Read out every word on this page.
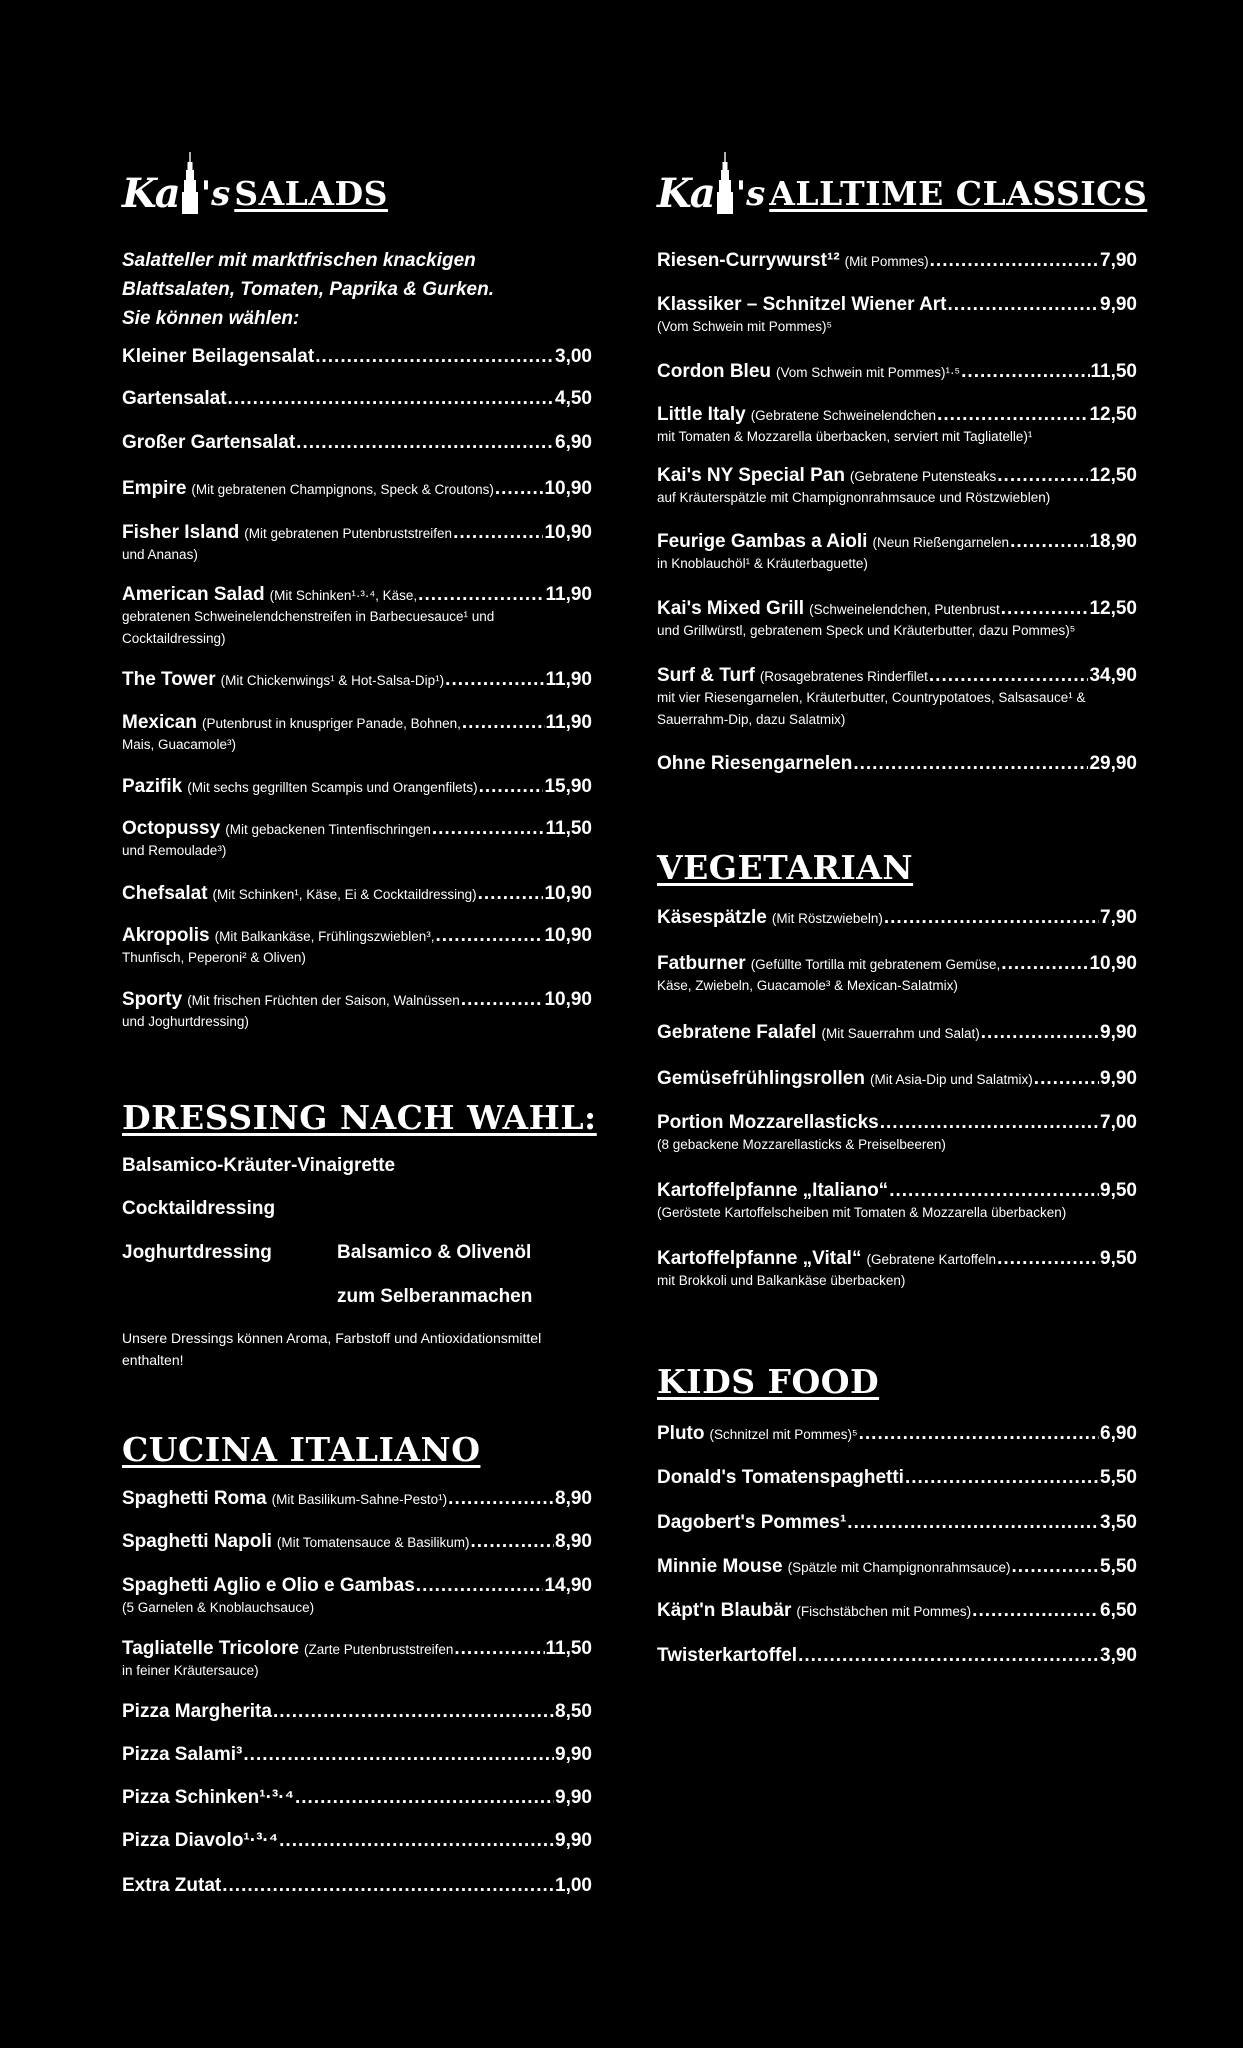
Ka 's SALADS
Salatteller mit marktfrischen knackigen
Blattsalaten, Tomaten, Paprika & Gurken.
Sie können wählen:
Kleiner Beilagensalat .....	3,00
Gartensalat .....	4,50
Großer Gartensalat .....	6,90
Empire (Mit gebratenen Champignons, Speck & Croutons) .....	10,90
Fisher Island (Mit gebratenen Putenbruststreifen .....	10,90
und Ananas)
American Salad (Mit Schinken¹·³·⁴, Käse, .....	11,90
gebratenen Schweinelendchenstreifen in Barbecuesauce¹ und Cocktaildressing)
The Tower (Mit Chickenwings¹ & Hot-Salsa-Dip¹) .....	11,90
Mexican (Putenbrust in knuspriger Panade, Bohnen, .....	11,90
Mais, Guacamole³)
Pazifik (Mit sechs gegrillten Scampis und Orangenfilets) .....	15,90
Octopussy (Mit gebackenen Tintenfischringen .....	11,50
und Remoulade³)
Chefsalat (Mit Schinken¹, Käse, Ei & Cocktaildressing) .....	10,90
Akropolis (Mit Balkankäse, Frühlingszwieblen³, .....	10,90
Thunfisch, Peperoni² & Oliven)
Sporty (Mit frischen Früchten der Saison, Walnüssen .....	10,90
und Joghurtdressing)
DRESSING NACH WAHL:
Balsamico-Kräuter-Vinaigrette
Cocktaildressing
Joghurtdressing	Balsamico & Olivenöl
zum Selberanmachen
Unsere Dressings können Aroma, Farbstoff und Antioxidationsmittel enthalten!
CUCINA ITALIANO
Spaghetti Roma (Mit Basilikum-Sahne-Pesto¹) .....	8,90
Spaghetti Napoli (Mit Tomatensauce & Basilikum) .....	8,90
Spaghetti Aglio e Olio e Gambas .....	14,90
(5 Garnelen & Knoblauchsauce)
Tagliatelle Tricolore (Zarte Putenbruststreifen .....	11,50
in feiner Kräutersauce)
Pizza Margherita .....	8,50
Pizza Salami³ .....	9,90
Pizza Schinken¹·³·⁴ .....	9,90
Pizza Diavolo¹·³·⁴ .....	9,90
Extra Zutat .....	1,00
Ka 's ALLTIME CLASSICS
Riesen-Currywurst¹² (Mit Pommes) .....	7,90
Klassiker – Schnitzel Wiener Art .....	9,90
(Vom Schwein mit Pommes)⁵
Cordon Bleu (Vom Schwein mit Pommes)¹·⁵ .....	11,50
Little Italy (Gebratene Schweinelendchen .....	12,50
mit Tomaten & Mozzarella überbacken, serviert mit Tagliatelle)¹
Kai's NY Special Pan (Gebratene Putensteaks .....	12,50
auf Kräuterspätzle mit Champignonrahmsauce und Röstzwieblen)
Feurige Gambas a Aioli (Neun Rießengarnelen .....	18,90
in Knoblauchöl¹ & Kräuterbaguette)
Kai's Mixed Grill (Schweinelendchen, Putenbrust .....	12,50
und Grillwürstl, gebratenem Speck und Kräuterbutter, dazu Pommes)⁵
Surf & Turf (Rosagebratenes Rinderfilet .....	34,90
mit vier Riesengarnelen, Kräuterbutter, Countrypotatoes, Salsasauce¹ & Sauerrahm-Dip, dazu Salatmix)
Ohne Riesengarnelen .....	29,90
VEGETARIAN
Käsespätzle (Mit Röstzwiebeln) .....	7,90
Fatburner (Gefüllte Tortilla mit gebratenem Gemüse, .....	10,90
Käse, Zwiebeln, Guacamole³ & Mexican-Salatmix)
Gebratene Falafel (Mit Sauerrahm und Salat) .....	9,90
Gemüsefrühlingsrollen (Mit Asia-Dip und Salatmix) .....	9,90
Portion Mozzarellasticks .....	7,00
(8 gebackene Mozzarellasticks & Preiselbeeren)
Kartoffelpfanne „Italiano“ .....	9,50
(Geröstete Kartoffelscheiben mit Tomaten & Mozzarella überbacken)
Kartoffelpfanne „Vital“ (Gebratene Kartoffeln .....	9,50
mit Brokkoli und Balkankäse überbacken)
KIDS FOOD
Pluto (Schnitzel mit Pommes)⁵ .....	6,90
Donald's Tomatenspaghetti .....	5,50
Dagobert's Pommes¹ .....	3,50
Minnie Mouse (Spätzle mit Champignonrahmsauce) .....	5,50
Käpt'n Blaubär (Fischstäbchen mit Pommes) .....	6,50
Twisterkartoffel .....	3,90
